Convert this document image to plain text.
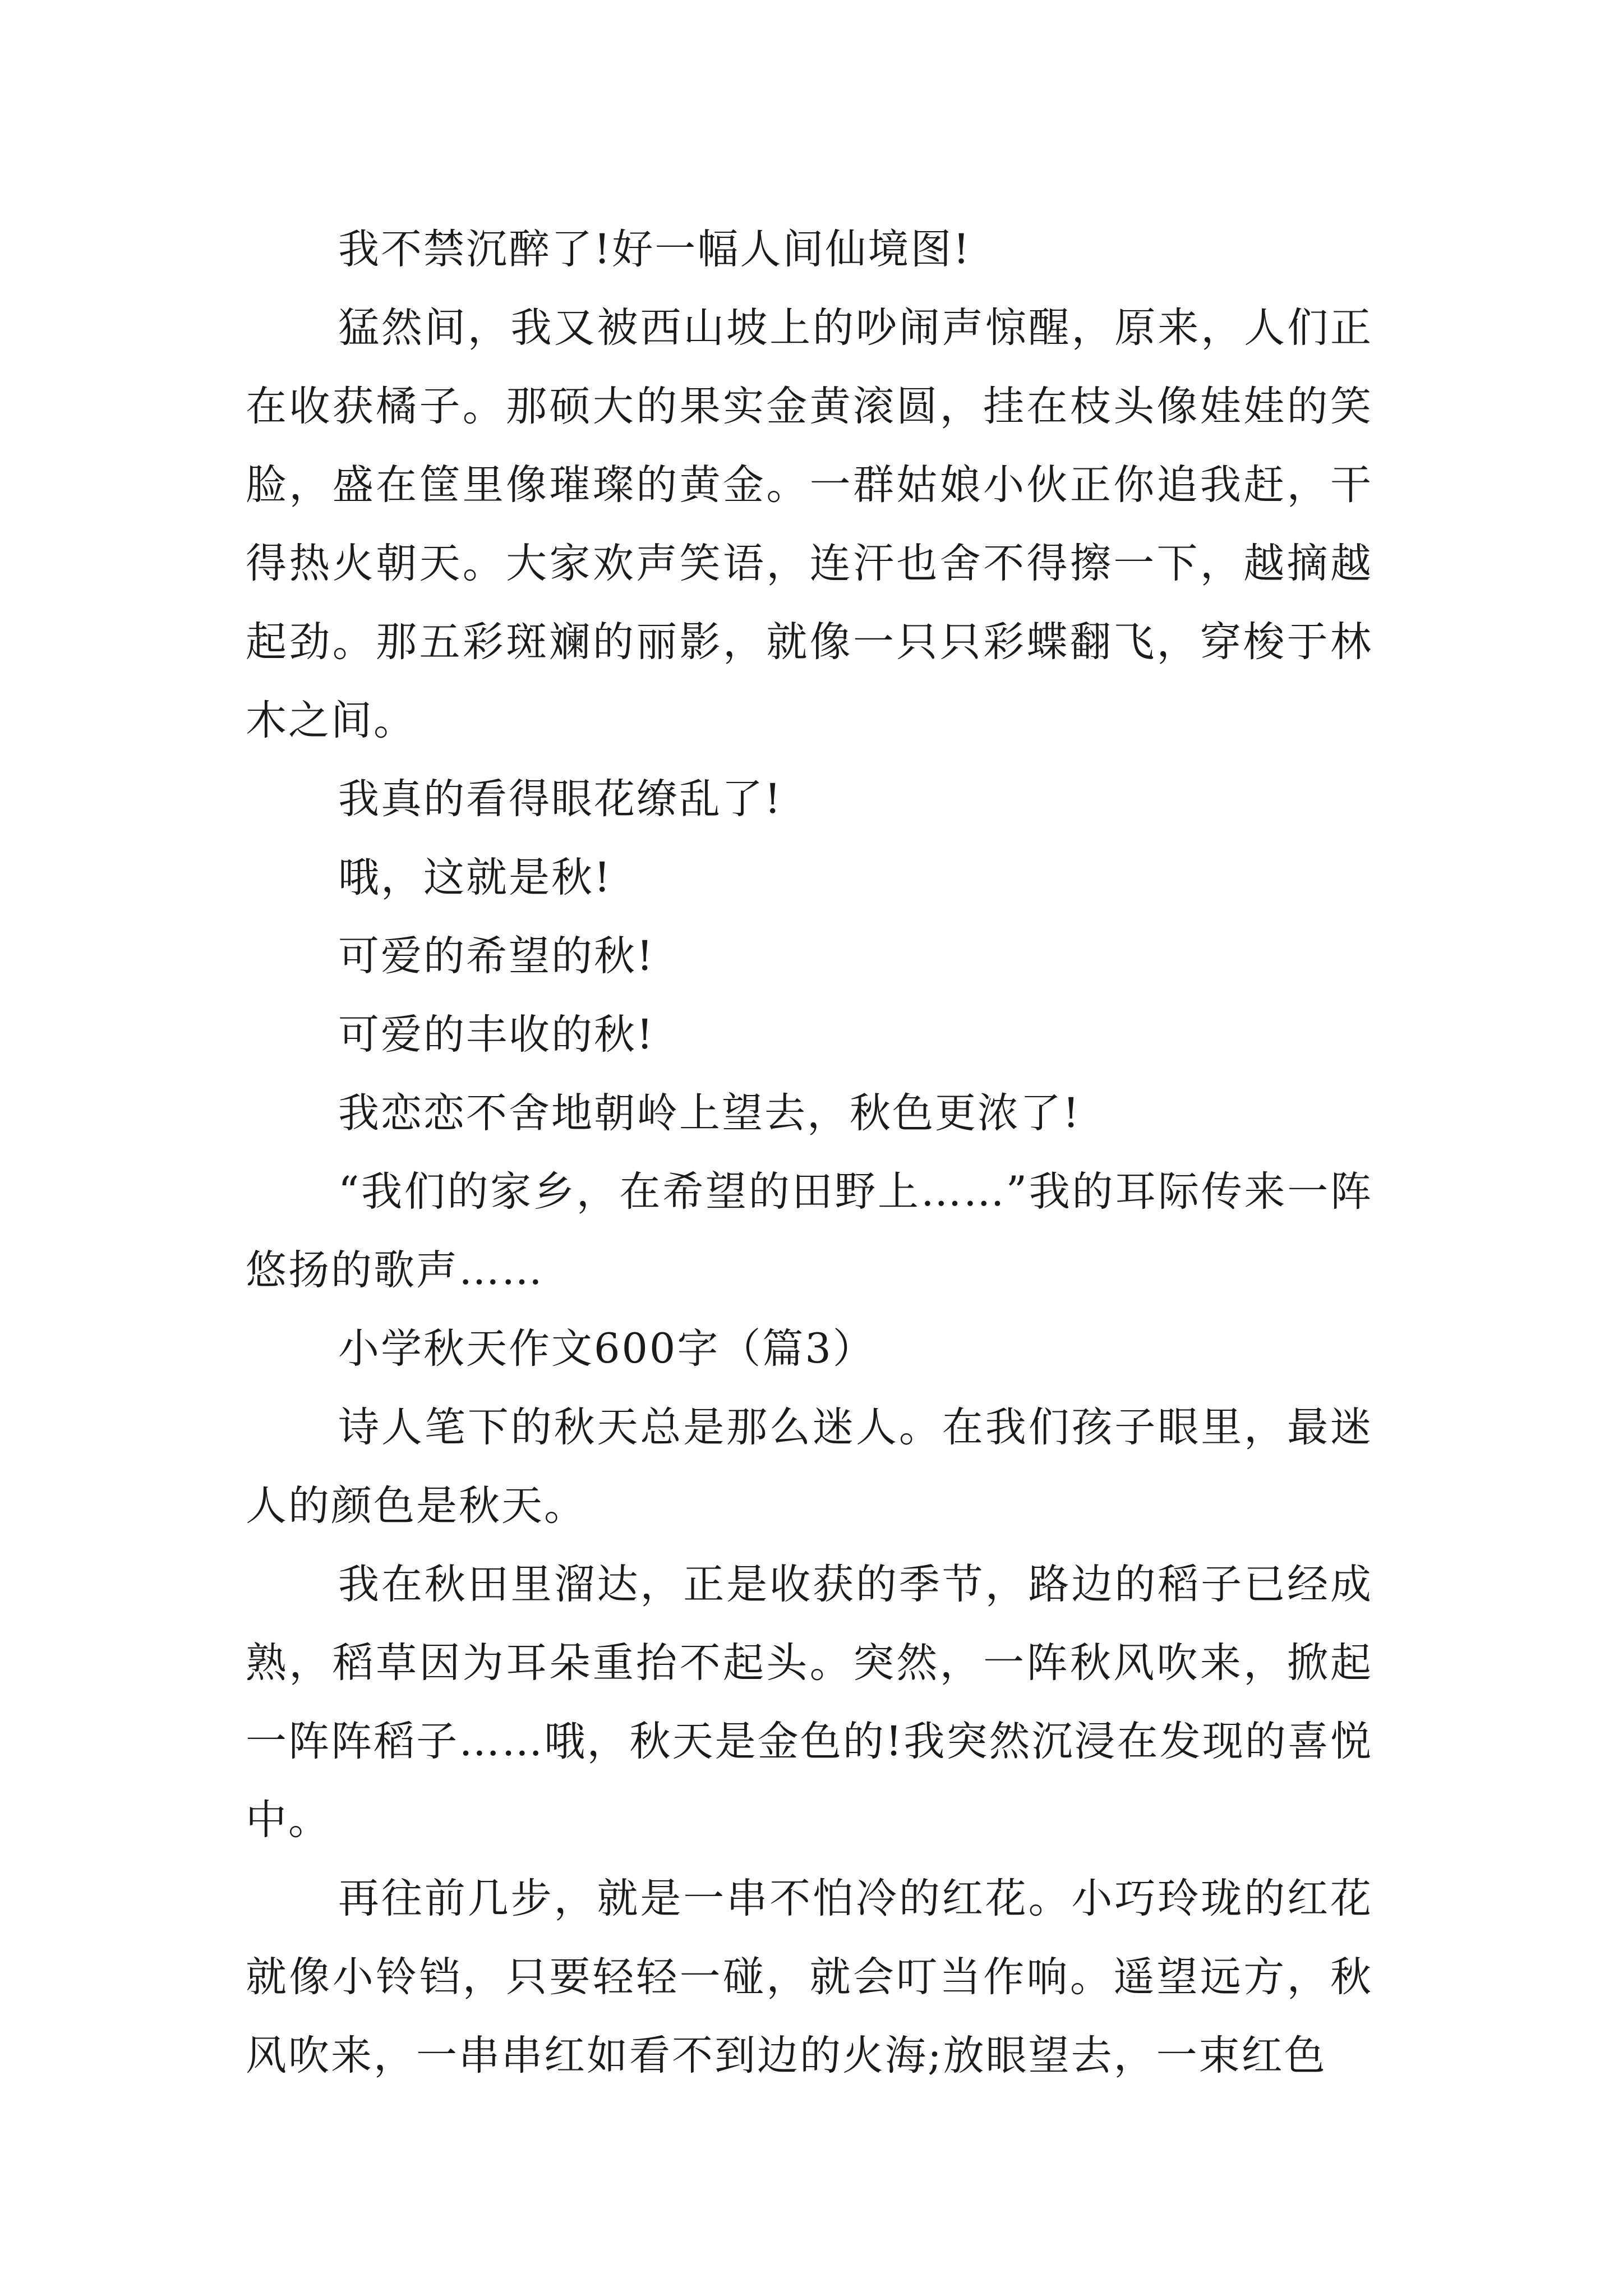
我不禁沉醉了!好一幅人间仙境图!

猛然间，我又被西山坡上的吵闹声惊醒，原来，人们正在收获橘子。那硕大的果实金黄滚圆，挂在枝头像娃娃的笑脸，盛在筐里像璀璨的黄金。一群姑娘小伙正你追我赶，干得热火朝天。大家欢声笑语，连汗也舍不得擦一下，越摘越起劲。那五彩斑斓的丽影，就像一只只彩蝶翻飞，穿梭于林木之间。

我真的看得眼花缭乱了!

哦，这就是秋!

可爱的希望的秋!

可爱的丰收的秋!

我恋恋不舍地朝岭上望去，秋色更浓了!

“我们的家乡，在希望的田野上……”我的耳际传来一阵悠扬的歌声……

小学秋天作文600字（篇3）

诗人笔下的秋天总是那么迷人。在我们孩子眼里，最迷人的颜色是秋天。

我在秋田里溜达，正是收获的季节，路边的稻子已经成熟，稻草因为耳朵重抬不起头。突然，一阵秋风吹来，掀起一阵阵稻子……哦，秋天是金色的!我突然沉浸在发现的喜悦中。

再往前几步，就是一串不怕冷的红花。小巧玲珑的红花就像小铃铛，只要轻轻一碰，就会叮当作响。遥望远方，秋风吹来，一串串红如看不到边的火海;放眼望去，一束红色
